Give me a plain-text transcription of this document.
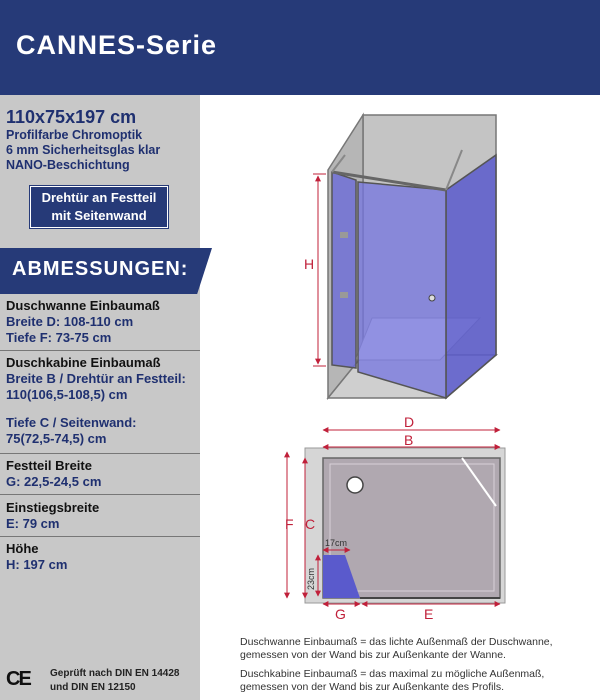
CANNES-Serie
110x75x197 cm
Profilfarbe Chromoptik
6 mm Sicherheitsglas klar
NANO-Beschichtung
Drehtür an Festteil
mit Seitenwand
ABMESSUNGEN:
Duschwanne Einbaumaß
Breite D: 108-110 cm
Tiefe F: 73-75 cm
Duschkabine Einbaumaß
Breite B / Drehtür an Festteil:
110(106,5-108,5) cm
Tiefe C / Seitenwand:
75(72,5-74,5) cm
Festteil Breite
G: 22,5-24,5 cm
Einstiegsbreite
E: 79 cm
Höhe
H: 197 cm
CE Geprüft nach DIN EN 14428
und DIN EN 12150
H
D
B
F C
17cm
23cm
G	E
Duschwanne Einbaumaß = das lichte Außenmaß der Duschwanne,
gemessen von der Wand bis zur Außenkante der Wanne.
Duschkabine Einbaumaß = das maximal zu mögliche Außenmaß,
gemessen von der Wand bis zur Außenkante des Profils.
